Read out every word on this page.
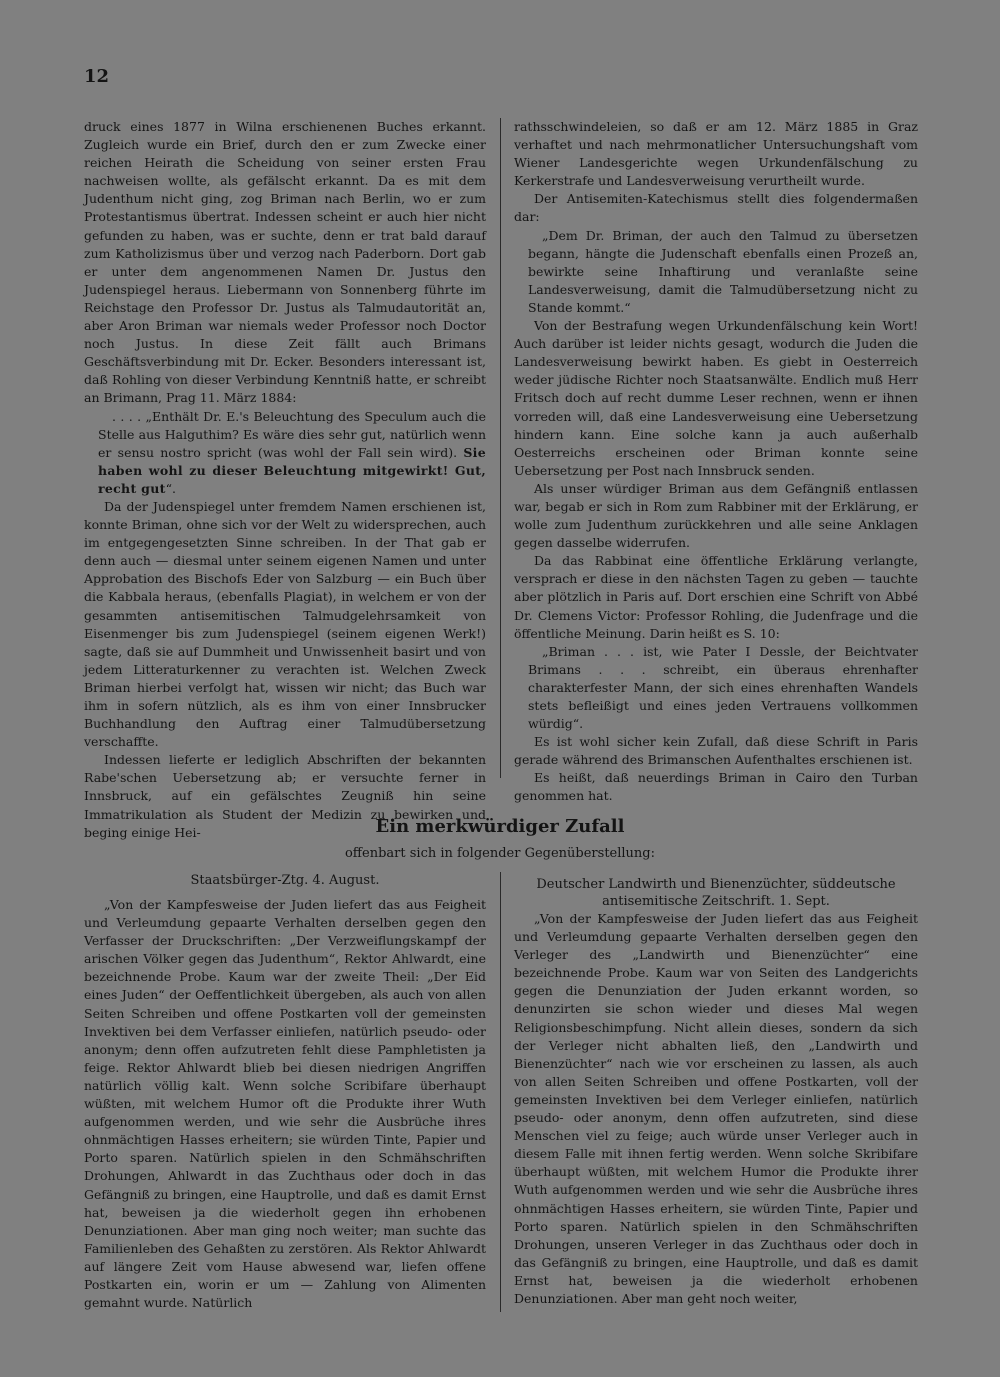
12

druck eines 1877 in Wilna erschienenen Buches erkannt. Zugleich wurde ein Brief, durch den er zum Zwecke einer reichen Heirath die Scheidung von seiner ersten Frau nachweisen wollte, als gefälscht erkannt. Da es mit dem Judenthum nicht ging, zog Briman nach Berlin, wo er zum Protestantismus übertrat. Indessen scheint er auch hier nicht gefunden zu haben, was er suchte, denn er trat bald darauf zum Katholizismus über und verzog nach Paderborn. Dort gab er unter dem angenommenen Namen Dr. Justus den Judenspiegel heraus. Liebermann von Sonnenberg führte im Reichstage den Professor Dr. Justus als Talmudautorität an, aber Aron Briman war niemals weder Professor noch Doctor noch Justus. In diese Zeit fällt auch Brimans Geschäftsverbindung mit Dr. Ecker. Besonders interessant ist, daß Rohling von dieser Verbindung Kenntniß hatte, er schreibt an Brimann, Prag 11. März 1884:

. . . . „Enthält Dr. E.'s Beleuchtung des Speculum auch die Stelle aus Halguthim? Es wäre dies sehr gut, natürlich wenn er sensu nostro spricht (was wohl der Fall sein wird). Sie haben wohl zu dieser Beleuchtung mitgewirkt! Gut, recht gut“.

Da der Judenspiegel unter fremdem Namen erschienen ist, konnte Briman, ohne sich vor der Welt zu widersprechen, auch im entgegengesetzten Sinne schreiben. In der That gab er denn auch — diesmal unter seinem eigenen Namen und unter Approbation des Bischofs Eder von Salzburg — ein Buch über die Kabbala heraus, (ebenfalls Plagiat), in welchem er von der gesammten antisemitischen Talmudgelehrsamkeit von Eisenmenger bis zum Judenspiegel (seinem eigenen Werk!) sagte, daß sie auf Dummheit und Unwissenheit basirt und von jedem Litteraturkenner zu verachten ist. Welchen Zweck Briman hierbei verfolgt hat, wissen wir nicht; das Buch war ihm in sofern nützlich, als es ihm von einer Innsbrucker Buchhandlung den Auftrag einer Talmudübersetzung verschaffte.

Indessen lieferte er lediglich Abschriften der bekannten Rabe'schen Uebersetzung ab; er versuchte ferner in Innsbruck, auf ein gefälschtes Zeugniß hin seine Immatrikulation als Student der Medizin zu bewirken und beging einige Hei-

rathsschwindeleien, so daß er am 12. März 1885 in Graz verhaftet und nach mehrmonatlicher Untersuchungshaft vom Wiener Landesgerichte wegen Urkundenfälschung zu Kerkerstrafe und Landesverweisung verurtheilt wurde.

Der Antisemiten-Katechismus stellt dies folgendermaßen dar:

„Dem Dr. Briman, der auch den Talmud zu übersetzen begann, hängte die Judenschaft ebenfalls einen Prozeß an, bewirkte seine Inhaftirung und veranlaßte seine Landesverweisung, damit die Talmudübersetzung nicht zu Stande kommt.“

Von der Bestrafung wegen Urkundenfälschung kein Wort! Auch darüber ist leider nichts gesagt, wodurch die Juden die Landesverweisung bewirkt haben. Es giebt in Oesterreich weder jüdische Richter noch Staatsanwälte. Endlich muß Herr Fritsch doch auf recht dumme Leser rechnen, wenn er ihnen vorreden will, daß eine Landesverweisung eine Uebersetzung hindern kann. Eine solche kann ja auch außerhalb Oesterreichs erscheinen oder Briman konnte seine Uebersetzung per Post nach Innsbruck senden.

Als unser würdiger Briman aus dem Gefängniß entlassen war, begab er sich in Rom zum Rabbiner mit der Erklärung, er wolle zum Judenthum zurückkehren und alle seine Anklagen gegen dasselbe widerrufen.

Da das Rabbinat eine öffentliche Erklärung verlangte, versprach er diese in den nächsten Tagen zu geben — tauchte aber plötzlich in Paris auf. Dort erschien eine Schrift von Abbé Dr. Clemens Victor: Professor Rohling, die Judenfrage und die öffentliche Meinung. Darin heißt es S. 10:

„Briman . . . ist, wie Pater I Dessle, der Beichtvater Brimans . . . schreibt, ein überaus ehrenhafter charakterfester Mann, der sich eines ehrenhaften Wandels stets befleißigt und eines jeden Vertrauens vollkommen würdig“.

Es ist wohl sicher kein Zufall, daß diese Schrift in Paris gerade während des Brimanschen Aufenthaltes erschienen ist.

Es heißt, daß neuerdings Briman in Cairo den Turban genommen hat.

Ein merkwürdiger Zufall
offenbart sich in folgender Gegenüberstellung:
Staatsbürger-Ztg. 4. August.	Deutscher Landwirth und Bienenzüchter, süddeutsche antisemitische Zeitschrift. 1. Sept.

„Von der Kampfesweise der Juden liefert das aus Feigheit und Verleumdung gepaarte Verhalten derselben gegen den Verfasser der Druckschriften: „Der Verzweiflungskampf der arischen Völker gegen das Judenthum“, Rektor Ahlwardt, eine bezeichnende Probe. Kaum war der zweite Theil: „Der Eid eines Juden“ der Oeffentlichkeit übergeben, als auch von allen Seiten Schreiben und offene Postkarten voll der gemeinsten Invektiven bei dem Verfasser einliefen, natürlich pseudo- oder anonym; denn offen aufzutreten fehlt diese Pamphletisten ja feige. Rektor Ahlwardt blieb bei diesen niedrigen Angriffen natürlich völlig kalt. Wenn solche Scribifare überhaupt wüßten, mit welchem Humor oft die Produkte ihrer Wuth aufgenommen werden, und wie sehr die Ausbrüche ihres ohnmächtigen Hasses erheitern; sie würden Tinte, Papier und Porto sparen. Natürlich spielen in den Schmähschriften Drohungen, Ahlwardt in das Zuchthaus oder doch in das Gefängniß zu bringen, eine Hauptrolle, und daß es damit Ernst hat, beweisen ja die wiederholt gegen ihn erhobenen Denunziationen. Aber man ging noch weiter; man suchte das Familienleben des Gehaßten zu zerstören. Als Rektor Ahlwardt auf längere Zeit vom Hause abwesend war, liefen offene Postkarten ein, worin er um — Zahlung von Alimenten gemahnt wurde. Natürlich

„Von der Kampfesweise der Juden liefert das aus Feigheit und Verleumdung gepaarte Verhalten derselben gegen den Verleger des „Landwirth und Bienenzüchter“ eine bezeichnende Probe. Kaum war von Seiten des Landgerichts gegen die Denunziation der Juden erkannt worden, so denunzirten sie schon wieder und dieses Mal wegen Religionsbeschimpfung. Nicht allein dieses, sondern da sich der Verleger nicht abhalten ließ, den „Landwirth und Bienenzüchter“ nach wie vor erscheinen zu lassen, als auch von allen Seiten Schreiben und offene Postkarten, voll der gemeinsten Invektiven bei dem Verleger einliefen, natürlich pseudo- oder anonym, denn offen aufzutreten, sind diese Menschen viel zu feige; auch würde unser Verleger auch in diesem Falle mit ihnen fertig werden. Wenn solche Skribifare überhaupt wüßten, mit welchem Humor die Produkte ihrer Wuth aufgenommen werden und wie sehr die Ausbrüche ihres ohnmächtigen Hasses erheitern, sie würden Tinte, Papier und Porto sparen. Natürlich spielen in den Schmähschriften Drohungen, unseren Verleger in das Zuchthaus oder doch in das Gefängniß zu bringen, eine Hauptrolle, und daß es damit Ernst hat, beweisen ja die wiederholt erhobenen Denunziationen. Aber man geht noch weiter,
